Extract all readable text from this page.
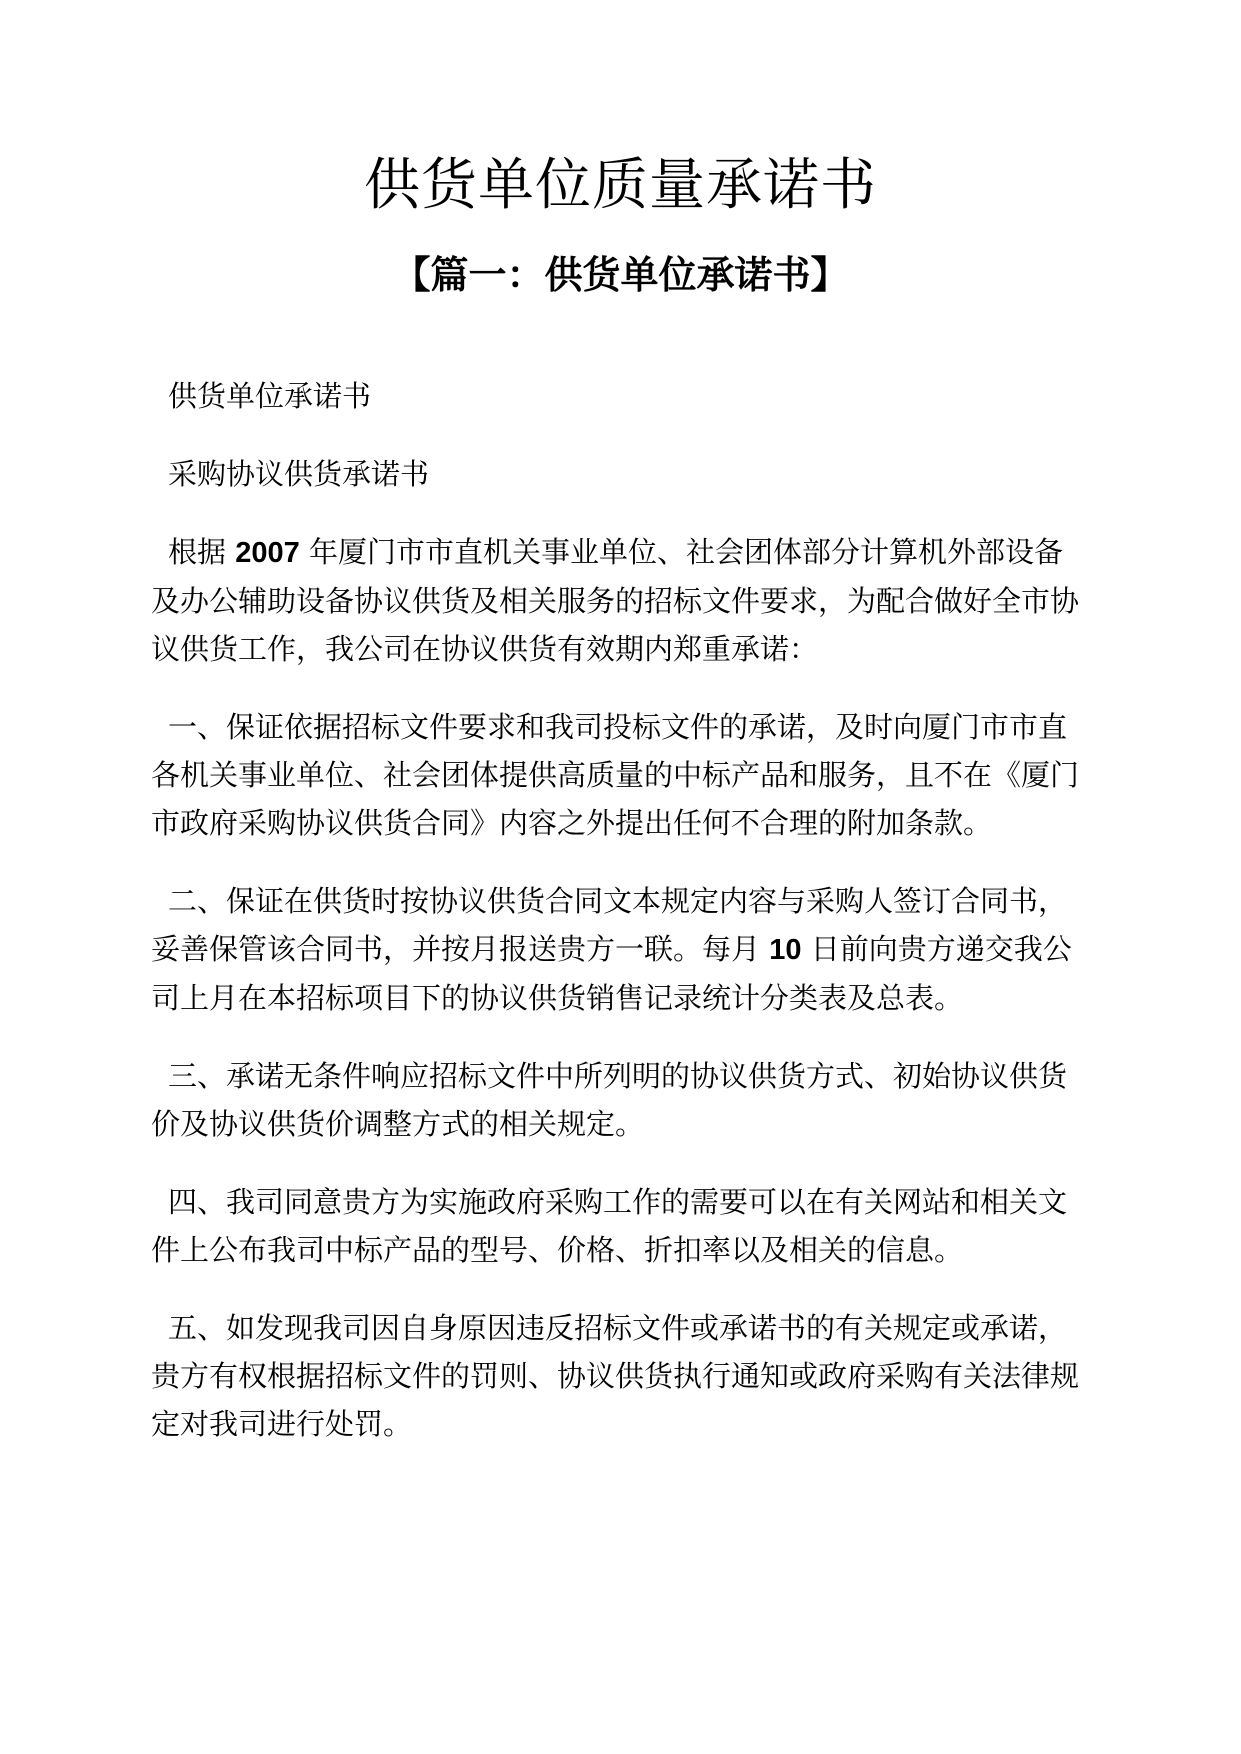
供货单位质量承诺书
【篇一：供货单位承诺书】

供货单位承诺书

采购协议供货承诺书

根据 2007 年厦门市市直机关事业单位、社会团体部分计算机外部设备及办公辅助设备协议供货及相关服务的招标文件要求，为配合做好全市协议供货工作，我公司在协议供货有效期内郑重承诺：

一、保证依据招标文件要求和我司投标文件的承诺，及时向厦门市市直各机关事业单位、社会团体提供高质量的中标产品和服务，且不在《厦门市政府采购协议供货合同》内容之外提出任何不合理的附加条款。

二、保证在供货时按协议供货合同文本规定内容与采购人签订合同书，妥善保管该合同书，并按月报送贵方一联。每月 10 日前向贵方递交我公司上月在本招标项目下的协议供货销售记录统计分类表及总表。

三、承诺无条件响应招标文件中所列明的协议供货方式、初始协议供货价及协议供货价调整方式的相关规定。

四、我司同意贵方为实施政府采购工作的需要可以在有关网站和相关文件上公布我司中标产品的型号、价格、折扣率以及相关的信息。

五、如发现我司因自身原因违反招标文件或承诺书的有关规定或承诺，贵方有权根据招标文件的罚则、协议供货执行通知或政府采购有关法律规定对我司进行处罚。
